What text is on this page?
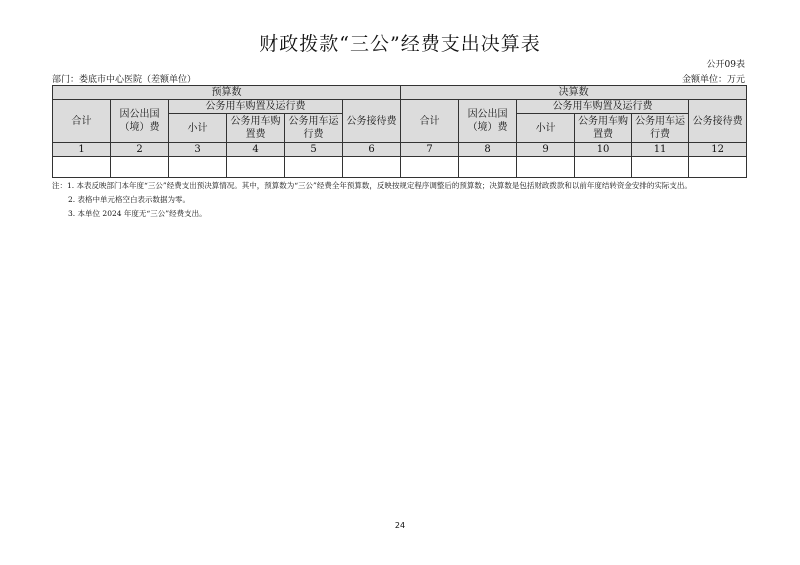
财政拨款“三公”经费支出决算表
公开09表
部门：娄底市中心医院（差额单位）	金额单位：万元
预算数						决算数					
合计	因公出国（境）费	公务用车购置及运行费			公务接待费	合计	因公出国（境）费	公务用车购置及运行费			公务接待费
		小计	公务用车购置费	公务用车运行费				小计	公务用车购置费	公务用车运行费	
1	2	3	4	5	6	7	8	9	10	11	12

注：1. 本表反映部门本年度“三公”经费支出预决算情况。其中，预算数为“三公”经费全年预算数，反映按规定程序调整后的预算数；决算数是包括财政拨款和以前年度结转资金安排的实际支出。
2. 表格中单元格空白表示数据为零。
3. 本单位 2024 年度无“三公”经费支出。
24
